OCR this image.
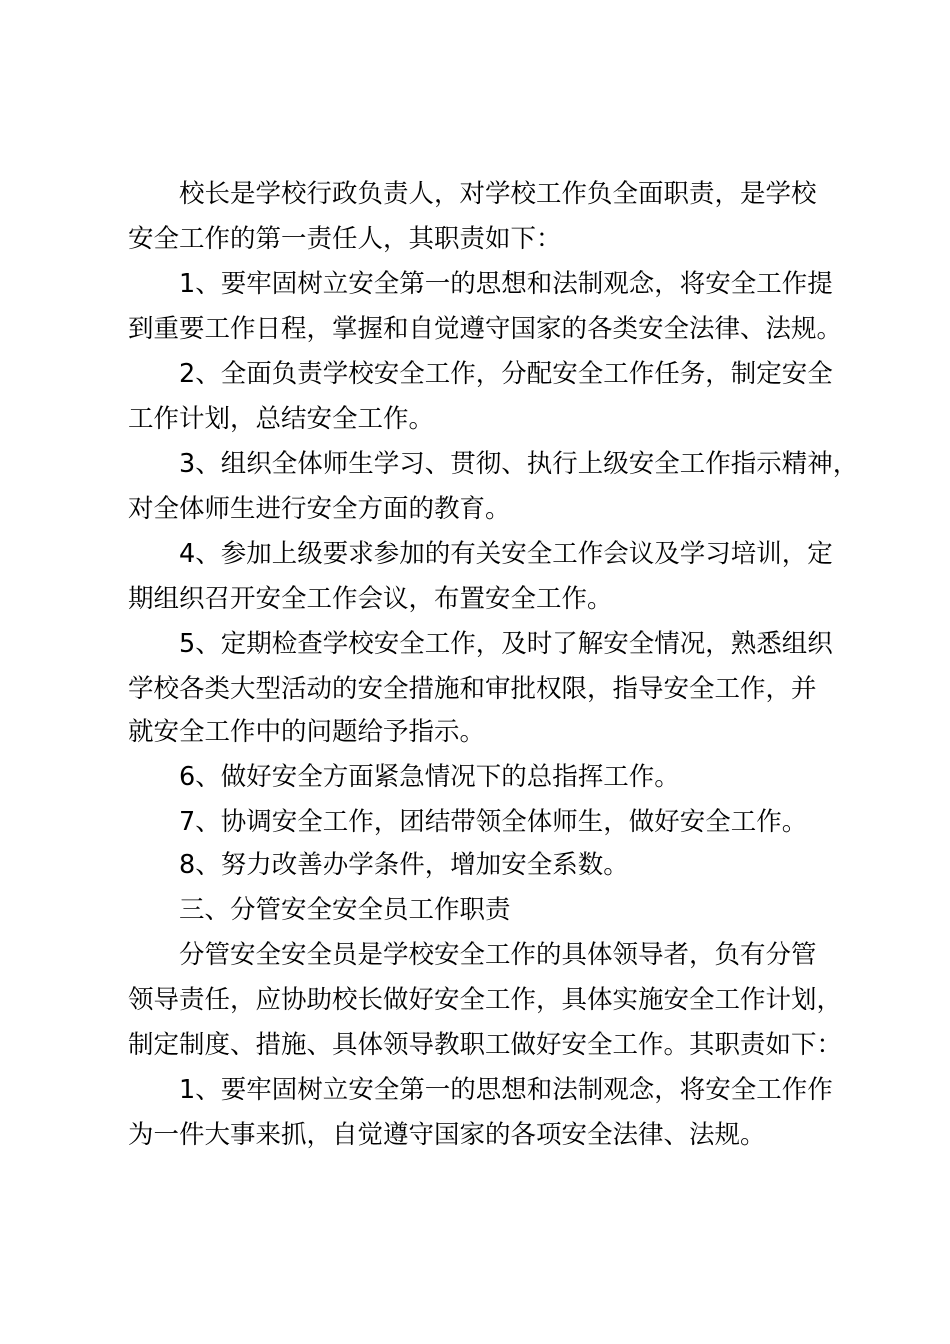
校长是学校行政负责人，对学校工作负全面职责，是学校
安全工作的第一责任人，其职责如下：
1、要牢固树立安全第一的思想和法制观念，将安全工作提
到重要工作日程，掌握和自觉遵守国家的各类安全法律、法规。
2、全面负责学校安全工作，分配安全工作任务，制定安全
工作计划，总结安全工作。
3、组织全体师生学习、贯彻、执行上级安全工作指示精神，
对全体师生进行安全方面的教育。
4、参加上级要求参加的有关安全工作会议及学习培训，定
期组织召开安全工作会议，布置安全工作。
5、定期检查学校安全工作，及时了解安全情况，熟悉组织
学校各类大型活动的安全措施和审批权限，指导安全工作，并
就安全工作中的问题给予指示。
6、做好安全方面紧急情况下的总指挥工作。
7、协调安全工作，团结带领全体师生，做好安全工作。
8、努力改善办学条件，增加安全系数。
三、分管安全安全员工作职责
分管安全安全员是学校安全工作的具体领导者，负有分管
领导责任，应协助校长做好安全工作，具体实施安全工作计划，
制定制度、措施、具体领导教职工做好安全工作。其职责如下：
1、要牢固树立安全第一的思想和法制观念，将安全工作作
为一件大事来抓，自觉遵守国家的各项安全法律、法规。
